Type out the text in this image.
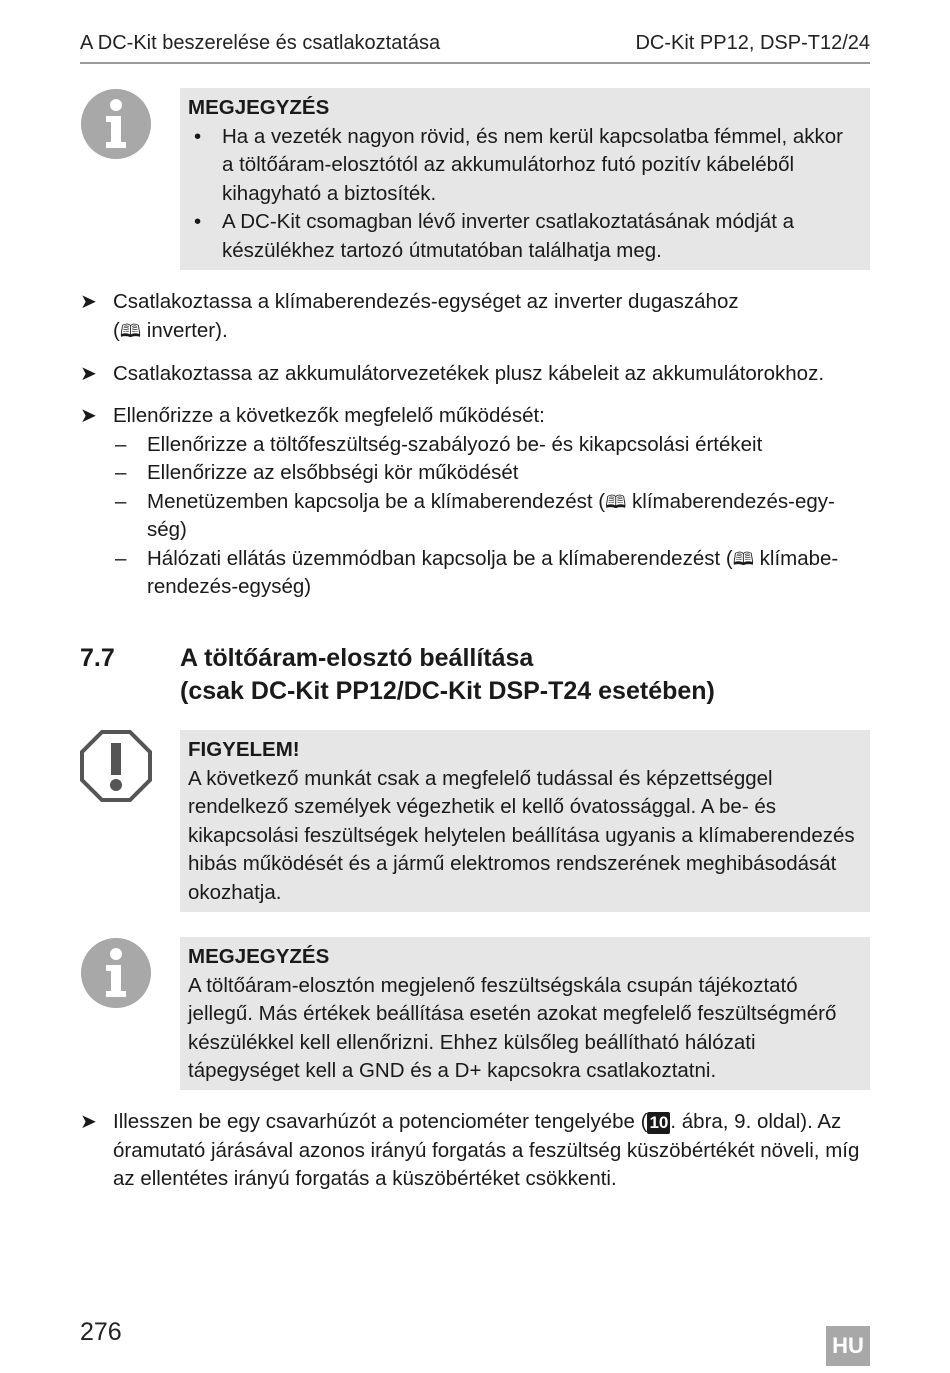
A DC-Kit beszerelése és csatlakoztatása	DC-Kit PP12, DSP-T12/24
MEGJEGYZÉS
• Ha a vezeték nagyon rövid, és nem kerül kapcsolatba fémmel, akkor a töltőáram-elosztótól az akkumulátorhoz futó pozitív kábeléből kihagyható a biztosíték.
• A DC-Kit csomagban lévő inverter csatlakoztatásának módját a készülékhez tartozó útmutatóban találhatja meg.
➤ Csatlakoztassa a klímaberendezés-egységet az inverter dugaszához
(🕮 inverter).
➤ Csatlakoztassa az akkumulátorvezetékek plusz kábeleit az akkumulátorokhoz.
➤ Ellenőrizze a következők megfelelő működését:
– Ellenőrizze a töltőfeszültség-szabályozó be- és kikapcsolási értékeit
– Ellenőrizze az elsőbbségi kör működését
– Menetüzemben kapcsolja be a klímaberendezést (🕮 klímaberendezés-egy-
ség)
– Hálózati ellátás üzemmódban kapcsolja be a klímaberendezést (🕮 klímabe-
rendezés-egység)
7.7	A töltőáram-elosztó beállítása
(csak DC-Kit PP12/DC-Kit DSP-T24 esetében)
FIGYELEM!
A következő munkát csak a megfelelő tudással és képzettséggel rendelkező személyek végezhetik el kellő óvatossággal. A be- és kikapcsolási feszültségek helytelen beállítása ugyanis a klímaberendezés hibás működését és a jármű elektromos rendszerének meghibásodását okozhatja.
MEGJEGYZÉS
A töltőáram-elosztón megjelenő feszültségskála csupán tájékoztató jellegű. Más értékek beállítása esetén azokat megfelelő feszültségmérő készülékkel kell ellenőrizni. Ehhez külsőleg beállítható hálózati tápegységet kell a GND és a D+ kapcsokra csatlakoztatni.
➤ Illesszen be egy csavarhúzót a potenciométer tengelyébe ( 10. ábra, 9. oldal). Az óramutató járásával azonos irányú forgatás a feszültség küszöbértékét növeli, míg az ellentétes irányú forgatás a küszöbértéket csökkenti.
276	HU
